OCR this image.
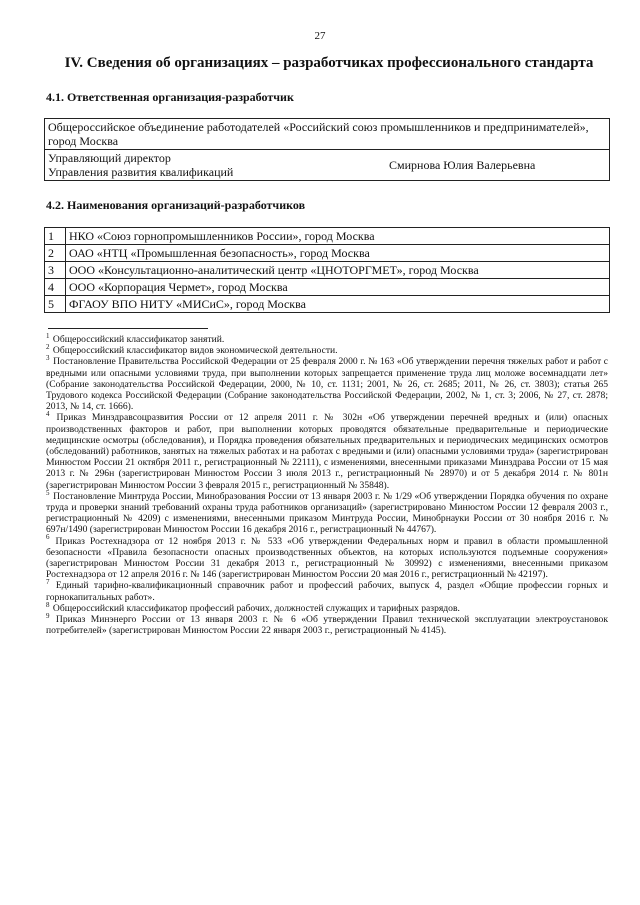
27
IV. Сведения об организациях – разработчиках профессионального стандарта
4.1. Ответственная организация-разработчик
Общероссийское объединение работодателей «Российский союз промышленников и предпринимателей», город Москва

Управляющий директор
Управления развития квалификаций	Смирнова Юлия Валерьевна
4.2. Наименования организаций-разработчиков
1	НКО «Союз горнопромышленников России», город Москва
2	ОАО «НТЦ «Промышленная безопасность», город Москва
3	ООО «Консультационно-аналитический центр «ЦНОТОРГМЕТ», город Москва
4	ООО «Корпорация Чермет», город Москва
5	ФГАОУ ВПО НИТУ «МИСиС», город Москва

$^1$ Общероссийский классификатор занятий.

$^2$ Общероссийский классификатор видов экономической деятельности.

$^3$ Постановление Правительства Российской Федерации от 25 февраля 2000 г. № 163 «Об утверждении перечня тяжелых работ и работ с вредными или опасными условиями труда, при выполнении которых запрещается применение труда лиц моложе восемнадцати лет» (Собрание законодательства Российской Федерации, 2000, № 10, ст. 1131; 2001, № 26, ст. 2685; 2011, № 26, ст. 3803); статья 265 Трудового кодекса Российской Федерации (Собрание законодательства Российской Федерации, 2002, № 1, ст. 3; 2006, № 27, ст. 2878; 2013, № 14, ст. 1666).

$^4$ Приказ Минздравсоцразвития России от 12 апреля 2011 г. № 302н «Об утверждении перечней вредных и (или) опасных производственных факторов и работ, при выполнении которых проводятся обязательные предварительные и периодические медицинские осмотры (обследования), и Порядка проведения обязательных предварительных и периодических медицинских осмотров (обследований) работников, занятых на тяжелых работах и на работах с вредными и (или) опасными условиями труда» (зарегистрирован Минюстом России 21 октября 2011 г., регистрационный № 22111), с изменениями, внесенными приказами Минздрава России от 15 мая 2013 г. № 296н (зарегистрирован Минюстом России 3 июля 2013 г., регистрационный № 28970) и от 5 декабря 2014 г. № 801н (зарегистрирован Минюстом России 3 февраля 2015 г., регистрационный № 35848).

$^5$ Постановление Минтруда России, Минобразования России от 13 января 2003 г. № 1/29 «Об утверждении Порядка обучения по охране труда и проверки знаний требований охраны труда работников организаций» (зарегистрировано Минюстом России 12 февраля 2003 г., регистрационный № 4209) с изменениями, внесенными приказом Минтруда России, Минобрнауки России от 30 ноября 2016 г. № 697н/1490 (зарегистрирован Минюстом России 16 декабря 2016 г., регистрационный № 44767).

$^6$ Приказ Ростехнадзора от 12 ноября 2013 г. № 533 «Об утверждении Федеральных норм и правил в области промышленной безопасности «Правила безопасности опасных производственных объектов, на которых используются подъемные сооружения» (зарегистрирован Минюстом России 31 декабря 2013 г., регистрационный № 30992) с изменениями, внесенными приказом Ростехнадзора от 12 апреля 2016 г. № 146 (зарегистрирован Минюстом России 20 мая 2016 г., регистрационный № 42197).

$^7$ Единый тарифно-квалификационный справочник работ и профессий рабочих, выпуск 4, раздел «Общие профессии горных и горнокапитальных работ».

$^8$ Общероссийский классификатор профессий рабочих, должностей служащих и тарифных разрядов.

$^9$ Приказ Минэнерго России от 13 января 2003 г. № 6 «Об утверждении Правил технической эксплуатации электроустановок потребителей» (зарегистрирован Минюстом России 22 января 2003 г., регистрационный № 4145).
